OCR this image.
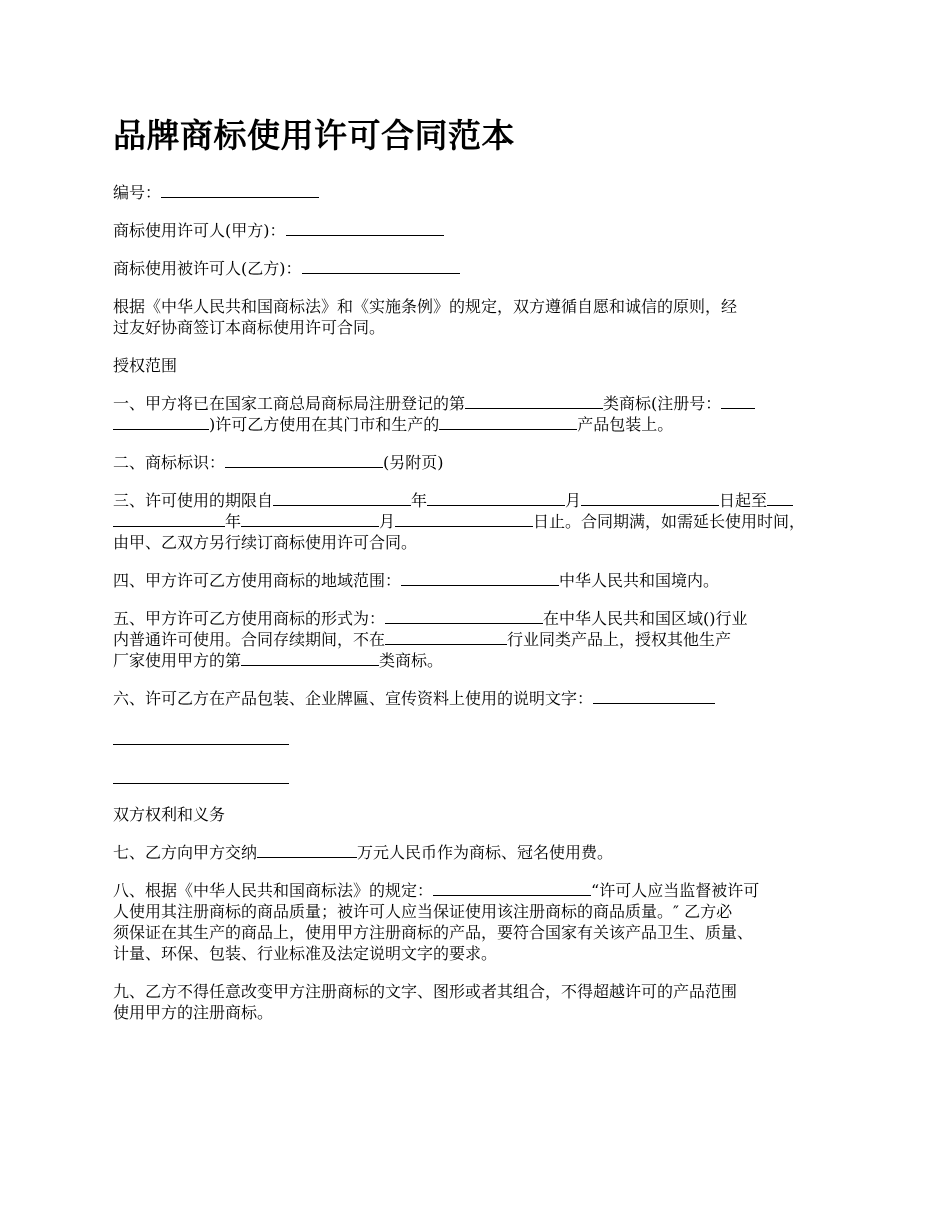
品牌商标使用许可合同范本

编号：

商标使用许可人(甲方)：

商标使用被许可人(乙方)：

根据《中华人民共和国商标法》和《实施条例》的规定，双方遵循自愿和诚信的原则，经
过友好协商签订本商标使用许可合同。

授权范围

一、甲方将已在国家工商总局商标局注册登记的第	类商标(注册号：
)许可乙方使用在其门市和生产的	产品包装上。

二、商标标识：	(另附页)

三、许可使用的期限自	年	月	日起至
年	月	日止。合同期满，如需延长使用时间，
由甲、乙双方另行续订商标使用许可合同。

四、甲方许可乙方使用商标的地域范围：	中华人民共和国境内。

五、甲方许可乙方使用商标的形式为：	在中华人民共和国区域()行业
内普通许可使用。合同存续期间，不在	行业同类产品上，授权其他生产
厂家使用甲方的第	类商标。

六、许可乙方在产品包装、企业牌匾、宣传资料上使用的说明文字：

双方权利和义务

七、乙方向甲方交纳	万元人民币作为商标、冠名使用费。

八、根据《中华人民共和国商标法》的规定：	“许可人应当监督被许可
人使用其注册商标的商品质量；被许可人应当保证使用该注册商标的商品质量。″ 乙方必
须保证在其生产的商品上，使用甲方注册商标的产品，要符合国家有关该产品卫生、质量、
计量、环保、包装、行业标准及法定说明文字的要求。

九、乙方不得任意改变甲方注册商标的文字、图形或者其组合，不得超越许可的产品范围
使用甲方的注册商标。
